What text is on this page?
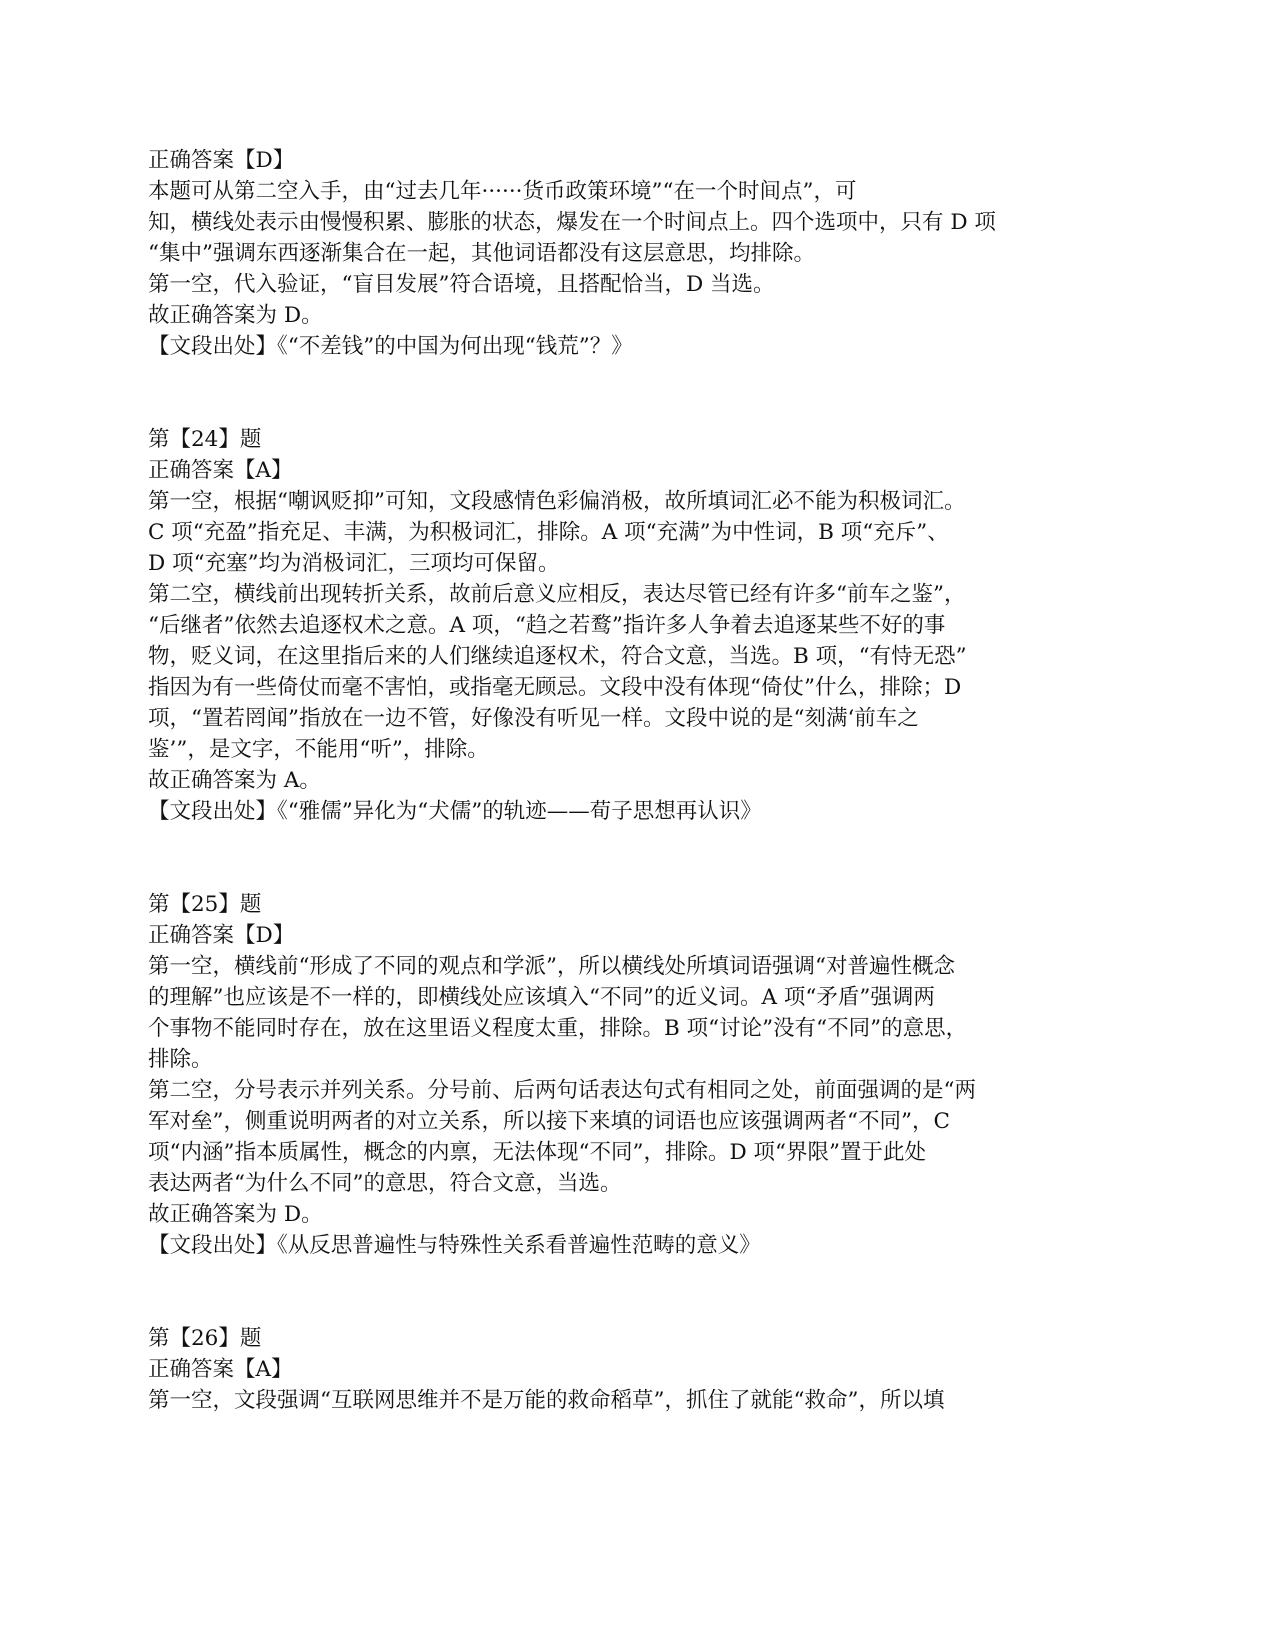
正确答案【D】
本题可从第二空入手，由“过去几年······货币政策环境”“在一个时间点”，可
知，横线处表示由慢慢积累、膨胀的状态，爆发在一个时间点上。四个选项中，只有 D 项
“集中”强调东西逐渐集合在一起，其他词语都没有这层意思，均排除。
第一空，代入验证，“盲目发展”符合语境，且搭配恰当，D 当选。
故正确答案为 D。
【文段出处】《“不差钱”的中国为何出现“钱荒”？》
第【24】题
正确答案【A】
第一空，根据“嘲讽贬抑”可知，文段感情色彩偏消极，故所填词汇必不能为积极词汇。
C 项“充盈”指充足、丰满，为积极词汇，排除。A 项“充满”为中性词，B 项“充斥”、
D 项“充塞”均为消极词汇，三项均可保留。
第二空，横线前出现转折关系，故前后意义应相反，表达尽管已经有许多“前车之鉴”，
“后继者”依然去追逐权术之意。A 项，“趋之若鹜”指许多人争着去追逐某些不好的事
物，贬义词，在这里指后来的人们继续追逐权术，符合文意，当选。B 项，“有恃无恐”
指因为有一些倚仗而毫不害怕，或指毫无顾忌。文段中没有体现“倚仗”什么，排除；D
项，“置若罔闻”指放在一边不管，好像没有听见一样。文段中说的是“刻满‘前车之
鉴’”，是文字，不能用“听”，排除。
故正确答案为 A。
【文段出处】《“雅儒”异化为“犬儒”的轨迹——荀子思想再认识》
第【25】题
正确答案【D】
第一空，横线前“形成了不同的观点和学派”，所以横线处所填词语强调“对普遍性概念
的理解”也应该是不一样的，即横线处应该填入“不同”的近义词。A 项“矛盾”强调两
个事物不能同时存在，放在这里语义程度太重，排除。B 项“讨论”没有“不同”的意思，
排除。
第二空，分号表示并列关系。分号前、后两句话表达句式有相同之处，前面强调的是“两
军对垒”，侧重说明两者的对立关系，所以接下来填的词语也应该强调两者“不同”，C
项“内涵”指本质属性，概念的内禀，无法体现“不同”，排除。D 项“界限”置于此处
表达两者“为什么不同”的意思，符合文意，当选。
故正确答案为 D。
【文段出处】《从反思普遍性与特殊性关系看普遍性范畴的意义》
第【26】题
正确答案【A】
第一空，文段强调“互联网思维并不是万能的救命稻草”，抓住了就能“救命”，所以填
